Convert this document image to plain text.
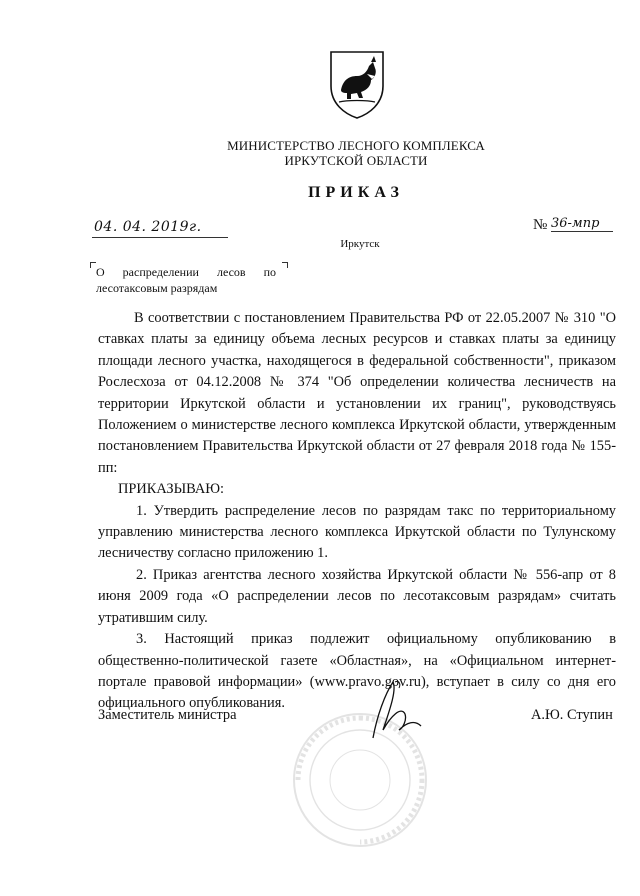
МИНИСТЕРСТВО ЛЕСНОГО КОМПЛЕКСА
ИРКУТСКОЙ ОБЛАСТИ
ПРИКАЗ
04. 04. 2019г.	№ 36-мпр
Иркутск
О распределении лесов по
лесотаксовым разрядам

В соответствии с постановлением Правительства РФ от 22.05.2007 № 310 "О ставках платы за единицу объема лесных ресурсов и ставках платы за единицу площади лесного участка, находящегося в федеральной собственности", приказом Рослесхоза от 04.12.2008 № 374 "Об определении количества лесничеств на территории Иркутской области и установлении их границ", руководствуясь Положением о министерстве лесного комплекса Иркутской области, утвержденным постановлением Правительства Иркутской области от 27 февраля 2018 года № 155-пп:

ПРИКАЗЫВАЮ:

1. Утвердить распределение лесов по разрядам такс по территориальному управлению министерства лесного комплекса Иркутской области по Тулунскому лесничеству согласно приложению 1.

2. Приказ агентства лесного хозяйства Иркутской области № 556-апр от 8 июня 2009 года «О распределении лесов по лесотаксовым разрядам» считать утратившим силу.

3. Настоящий приказ подлежит официальному опубликованию в общественно-политической газете «Областная», на «Официальном интернет-портале правовой информации» (www.pravo.gov.ru), вступает в силу со дня его официального опубликования.

Заместитель министра	А.Ю. Ступин
